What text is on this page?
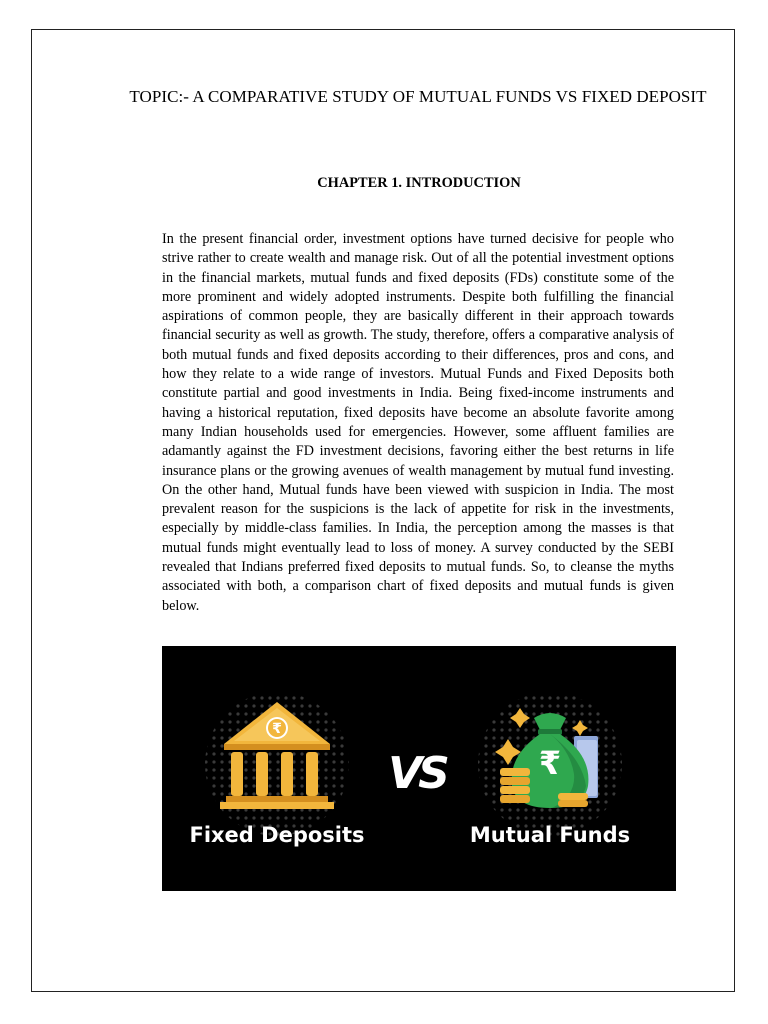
TOPIC:- A COMPARATIVE STUDY OF MUTUAL FUNDS VS FIXED DEPOSIT
CHAPTER 1. INTRODUCTION

In the present financial order, investment options have turned decisive for people who strive rather to create wealth and manage risk. Out of all the potential investment options in the financial markets, mutual funds and fixed deposits (FDs) constitute some of the more prominent and widely adopted instruments. Despite both fulfilling the financial aspirations of common people, they are basically different in their approach towards financial security as well as growth. The study, therefore, offers a comparative analysis of both mutual funds and fixed deposits according to their differences, pros and cons, and how they relate to a wide range of investors. Mutual Funds and Fixed Deposits both constitute partial and good investments in India. Being fixed-income instruments and having a historical reputation, fixed deposits have become an absolute favorite among many Indian households used for emergencies. However, some affluent families are adamantly against the FD investment decisions, favoring either the best returns in life insurance plans or the growing avenues of wealth management by mutual fund investing. On the other hand, Mutual funds have been viewed with suspicion in India. The most prevalent reason for the suspicions is the lack of appetite for risk in the investments, especially by middle-class families. In India, the perception among the masses is that mutual funds might eventually lead to loss of money. A survey conducted by the SEBI revealed that Indians preferred fixed deposits to mutual funds. So, to cleanse the myths associated with both, a comparison chart of fixed deposits and mutual funds is given below.

₹
VS	₹
Fixed Deposits	Mutual Funds
